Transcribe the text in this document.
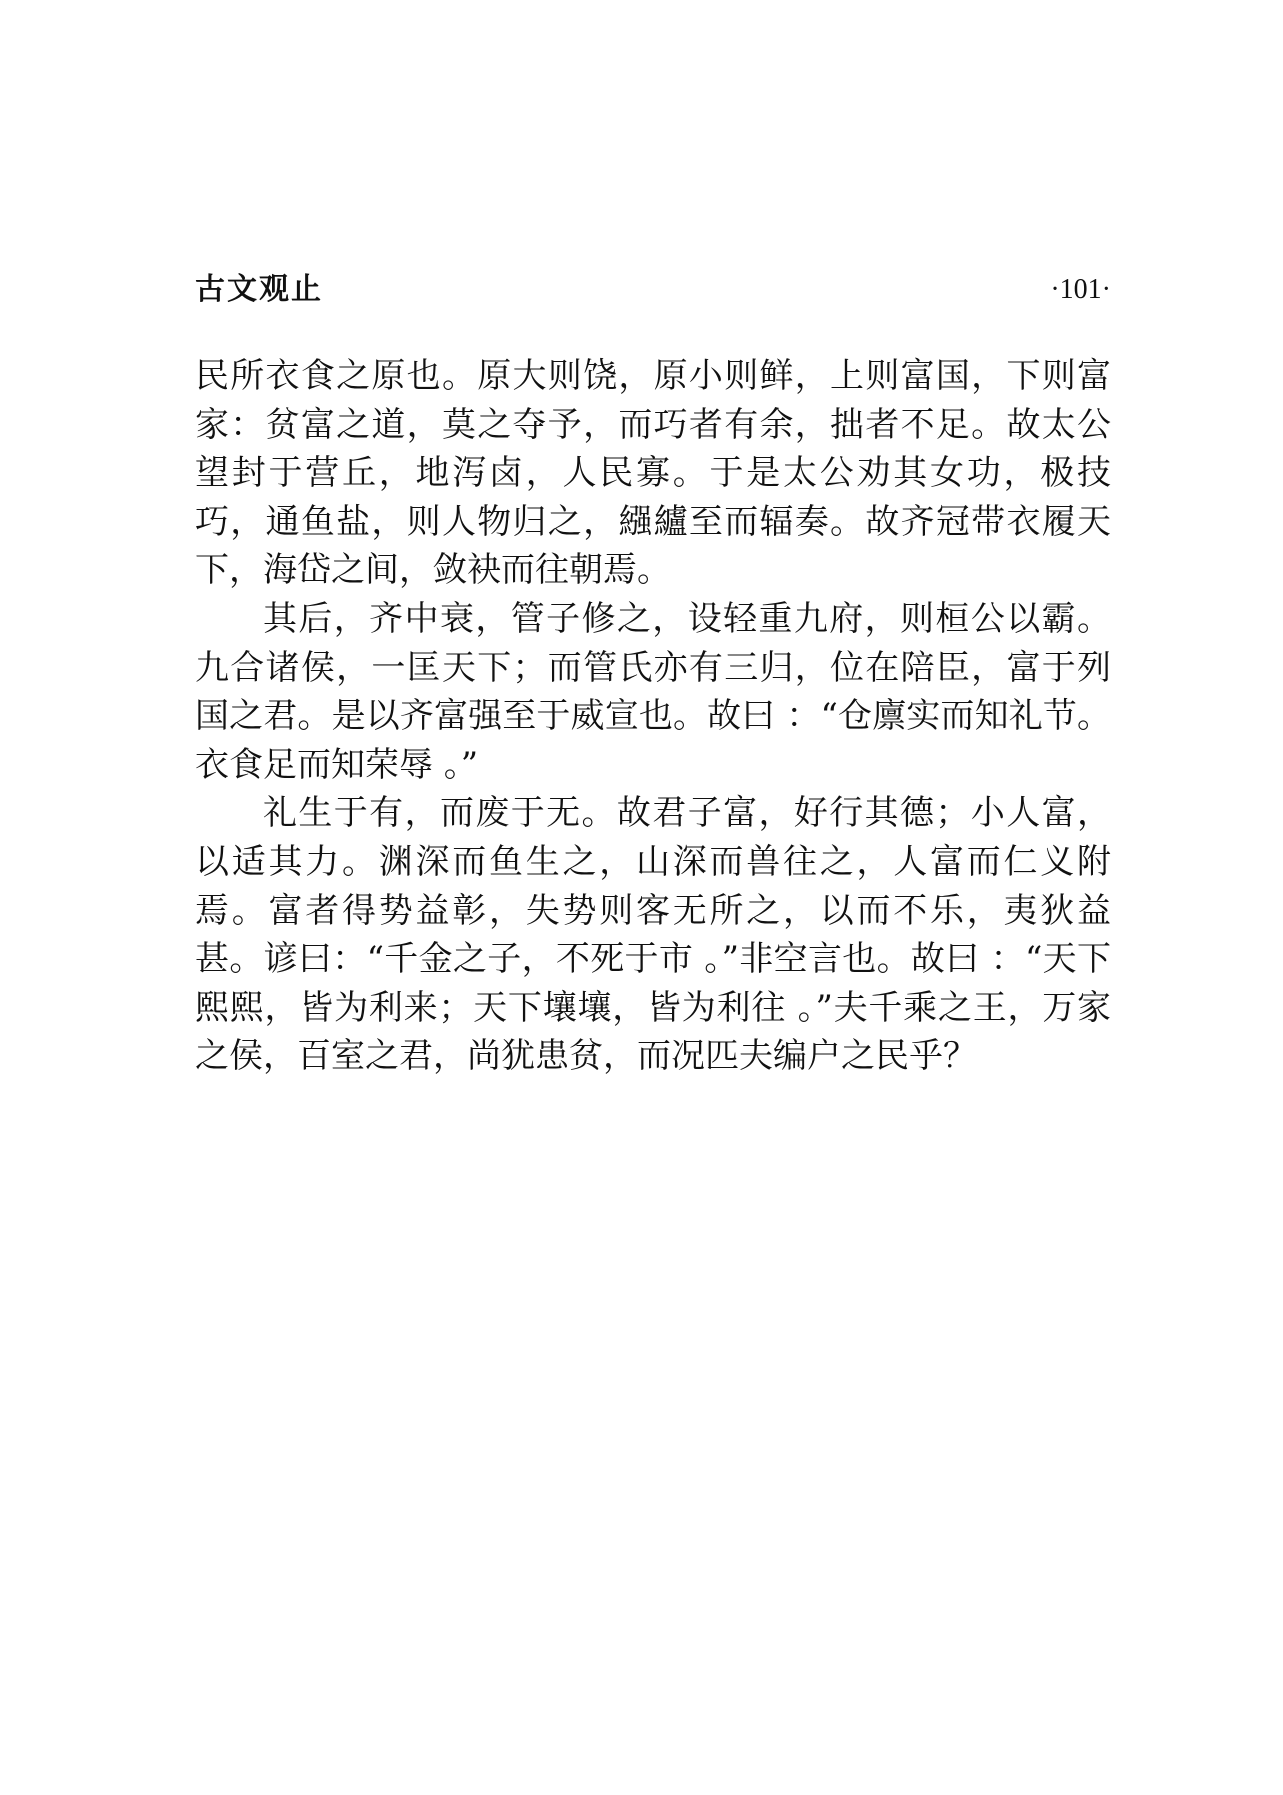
古文观止	·101·

民所衣食之原也。原大则饶，原小则鲜，上则富国，下则富家：贫富之道，莫之夺予，而巧者有余，拙者不足。故太公望封于营丘，地泻卤，人民寡。于是太公劝其女功，极技巧，通鱼盐，则人物归之，繦纑至而辐奏。故齐冠带衣履天下，海岱之间，敛袂而往朝焉。

其后，齐中衰，管子修之，设轻重九府，则桓公以霸。九合诸侯，一匡天下；而管氏亦有三归，位在陪臣，富于列国之君。是以齐富强至于威宣也。故曰 ：“仓廪实而知礼节。衣食足而知荣辱 。”

礼生于有，而废于无。故君子富，好行其德；小人富，以适其力。渊深而鱼生之，山深而兽往之，人富而仁义附焉。富者得势益彰，失势则客无所之，以而不乐，夷狄益甚。谚曰：“千金之子，不死于市 。”非空言也。故曰 ：“天下熙熙，皆为利来；天下壤壤，皆为利往 。”夫千乘之王，万家之侯，百室之君，尚犹患贫，而况匹夫编户之民乎？
